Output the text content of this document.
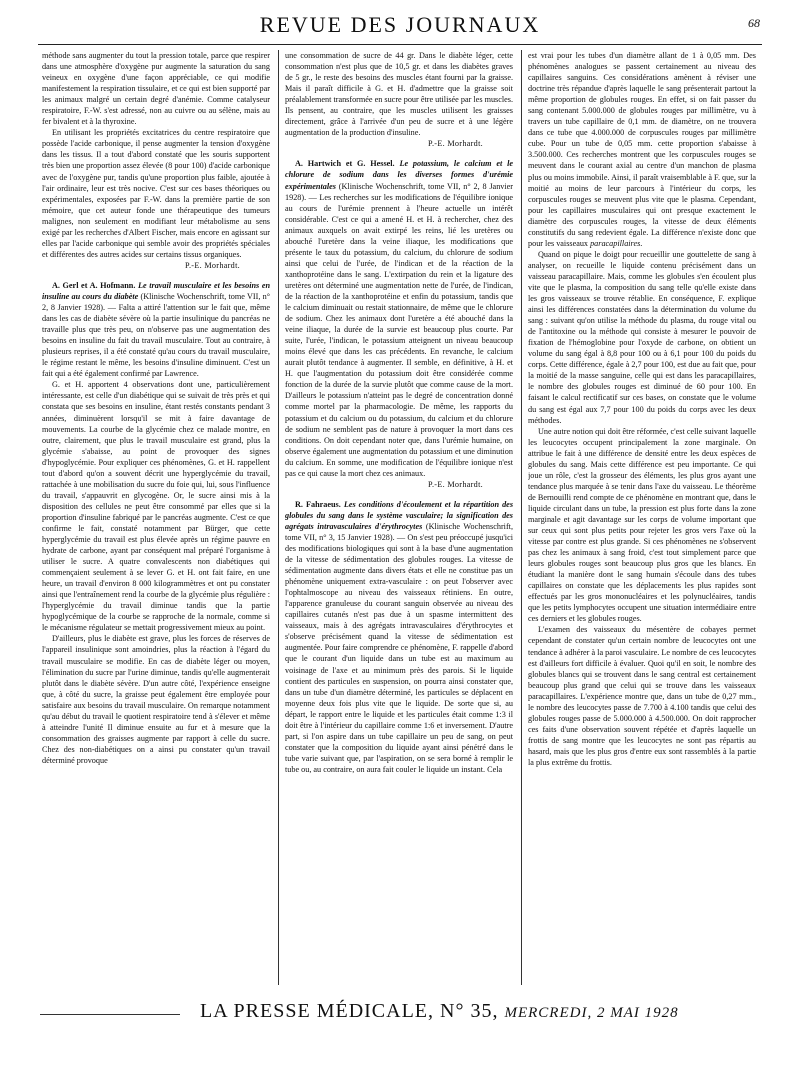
REVUE DES JOURNAUX	68

méthode sans augmenter du tout la pression totale, parce que respirer dans une atmosphère d'oxygène pur augmente la saturation du sang veineux en oxygène d'une façon appréciable, ce qui modifie manifestement la respiration tissulaire, et ce qui est bien supporté par les animaux malgré un certain degré d'anémie. Comme catalyseur respiratoire, F.-W. s'est adressé, non au cuivre ou au sélène, mais au fer bivalent et à la thyroxine.

En utilisant les propriétés excitatrices du centre respiratoire que possède l'acide carbonique, il pense augmenter la tension d'oxygène dans les tissus. Il a tout d'abord constaté que les souris supportent très bien une proportion assez élevée (8 pour 100) d'acide carbonique avec de l'oxygène pur, tandis qu'une proportion plus faible, ajoutée à l'air ordinaire, leur est très nocive. C'est sur ces bases théoriques ou expérimentales, exposées par F.-W. dans la première partie de son mémoire, que cet auteur fonde une thérapeutique des tumeurs malignes, non seulement en modifiant leur métabolisme au sens exigé par les recherches d'Albert Fischer, mais encore en agissant sur elles par l'acide carbonique qui semble avoir des propriétés spéciales et différentes des autres acides sur certains tissus organiques.

P.-E. Morhardt.

A. Gerl et A. Hofmann. Le travail musculaire et les besoins en insuline au cours du diabète (Klinische Wochenschrift, tome VII, n° 2, 8 Janvier 1928). — Falta a attiré l'attention sur le fait que, même dans les cas de diabète sévère où la partie insulinique du pancréas ne travaille plus que très peu, on n'observe pas une augmentation des besoins en insuline du fait du travail musculaire. Tout au contraire, à plusieurs reprises, il a été constaté qu'au cours du travail musculaire, le régime restant le même, les besoins d'insuline diminuent. C'est un fait qui a été également confirmé par Lawrence.

G. et H. apportent 4 observations dont une, particulièrement intéressante, est celle d'un diabétique qui se suivait de très près et qui constata que ses besoins en insuline, étant restés constants pendant 3 années, diminuèrent lorsqu'il se mit à faire davantage de mouvements. La courbe de la glycémie chez ce malade montre, en outre, clairement, que plus le travail musculaire est grand, plus la glycémie s'abaisse, au point de provoquer des signes d'hypoglycémie. Pour expliquer ces phénomènes, G. et H. rappellent tout d'abord qu'on a souvent décrit une hyperglycémie du travail, rattachée à une mobilisation du sucre du foie qui, lui, sous l'influence du travail, s'appauvrit en glycogène. Or, le sucre ainsi mis à la disposition des cellules ne peut être consommé par elles que si la proportion d'insuline fabriqué par le pancréas augmente. C'est ce que confirme le fait, constaté notamment par Bürger, que cette hyperglycémie du travail est plus élevée après un régime pauvre en hydrate de carbone, ayant par conséquent mal préparé l'organisme à utiliser le sucre. A quatre convalescents non diabétiques qui commençaient seulement à se lever G. et H. ont fait faire, en une heure, un travail d'environ 8 000 kilogrammètres et ont pu constater ainsi que l'entraînement rend la courbe de la glycémie plus régulière : l'hyperglycémie du travail diminue tandis que la partie hypoglycémique de la courbe se rapproche de la normale, comme si le mécanisme régulateur se mettait progressivement mieux au point.

D'ailleurs, plus le diabète est grave, plus les forces de réserves de l'appareil insulinique sont amoindries, plus la réaction à l'égard du travail musculaire se modifie. En cas de diabète léger ou moyen, l'élimination du sucre par l'urine diminue, tandis qu'elle augmenterait plutôt dans le diabète sévère. D'un autre côté, l'expérience enseigne que, à côté du sucre, la graisse peut également être employée pour satisfaire aux besoins du travail musculaire. On remarque notamment qu'au début du travail le quotient respiratoire tend à s'élever et même à atteindre l'unité Il diminue ensuite au fur et à mesure que la consommation des graisses augmente par rapport à celle du sucre. Chez des non-diabétiques on a ainsi pu constater qu'un travail déterminé provoque

une consommation de sucre de 44 gr. Dans le diabète léger, cette consommation n'est plus que de 10,5 gr. et dans les diabètes graves de 5 gr., le reste des besoins des muscles étant fourni par la graisse. Mais il paraît difficile à G. et H. d'admettre que la graisse soit préalablement transformée en sucre pour être utilisée par les muscles. Ils pensent, au contraire, que les muscles utilisent les graisses directement, grâce à l'arrivée d'un peu de sucre et à une légère augmentation de la production d'insuline.

P.-E. Morhardt.

A. Hartwich et G. Hessel. Le potassium, le calcium et le chlorure de sodium dans les diverses formes d'urémie expérimentales (Klinische Wochenschrift, tome VII, n° 2, 8 Janvier 1928). — Les recherches sur les modifications de l'équilibre ionique au cours de l'urémie prennent à l'heure actuelle un intérêt considérable. C'est ce qui a amené H. et H. à rechercher, chez des animaux auxquels on avait extirpé les reins, lié les uretères ou abouché l'uretère dans la veine iliaque, les modifications que présente le taux du potassium, du calcium, du chlorure de sodium ainsi que celui de l'urée, de l'indican et de la réaction de la xanthoprotéine dans le sang. L'extirpation du rein et la ligature des uretères ont déterminé une augmentation nette de l'urée, de l'indican, de la réaction de la xanthoprotéine et enfin du potassium, tandis que le calcium diminuait ou restait stationnaire, de même que le chlorure de sodium. Chez les animaux dont l'uretère a été abouché dans la veine iliaque, la durée de la survie est beaucoup plus courte. Par suite, l'urée, l'indican, le potassium atteignent un niveau beaucoup moins élevé que dans les cas précédents. En revanche, le calcium aurait plutôt tendance à augmenter. Il semble, en définitive, à H. et H. que l'augmentation du potassium doit être considérée comme fonction de la durée de la survie plutôt que comme cause de la mort. D'ailleurs le potassium n'atteint pas le degré de concentration donné comme mortel par la pharmacologie. De même, les rapports du potassium et du calcium ou du potassium, du calcium et du chlorure de sodium ne semblent pas de nature à provoquer la mort dans ces conditions. On doit cependant noter que, dans l'urémie humaine, on observe également une augmentation du potassium et une diminution du calcium. En somme, une modification de l'équilibre ionique n'est pas ce qui cause la mort chez ces animaux.

P.-E. Morhardt.

R. Fahraeus. Les conditions d'écoulement et la répartition des globules du sang dans le système vasculaire; la signification des agrégats intravasculaires d'érythrocytes (Klinische Wochenschrift, tome VII, n° 3, 15 Janvier 1928). — On s'est peu préoccupé jusqu'ici des modifications biologiques qui sont à la base d'une augmentation de la vitesse de sédimentation des globules rouges. La vitesse de sédimentation augmente dans divers états et elle ne constitue pas un phénomène uniquement extra-vasculaire : on peut l'observer avec l'ophtalmoscope au niveau des vaisseaux rétiniens. En outre, l'apparence granuleuse du courant sanguin observée au niveau des capillaires cutanés n'est pas due à un spasme intermittent des vaisseaux, mais à des agrégats intravasculaires d'érythrocytes et s'observe précisément quand la vitesse de sédimentation est augmentée. Pour faire comprendre ce phénomène, F. rappelle d'abord que le courant d'un liquide dans un tube est au maximum au voisinage de l'axe et au minimum près des parois. Si le liquide contient des particules en suspension, on pourra ainsi constater que, dans un tube d'un diamètre déterminé, les particules se déplacent en moyenne deux fois plus vite que le liquide. De sorte que si, au départ, le rapport entre le liquide et les particules était comme 1:3 il doit être à l'intérieur du capillaire comme 1:6 et inversement. D'autre part, si l'on aspire dans un tube capillaire un peu de sang, on peut constater que la composition du liquide ayant ainsi pénétré dans le tube varie suivant que, par l'aspiration, on se sera borné à remplir le tube ou, au contraire, on aura fait couler le liquide un instant. Cela

est vrai pour les tubes d'un diamètre allant de 1 à 0,05 mm. Des phénomènes analogues se passent certainement au niveau des capillaires sanguins. Ces considérations amènent à réviser une doctrine très répandue d'après laquelle le sang présenterait partout la même proportion de globules rouges. En effet, si on fait passer du sang contenant 5.000.000 de globules rouges par millimètre, vu à travers un tube capillaire de 0,1 mm. de diamètre, on ne trouvera dans ce tube que 4.000.000 de corpuscules rouges par millimètre cube. Pour un tube de 0,05 mm. cette proportion s'abaisse à 3.500.000. Ces recherches montrent que les corpuscules rouges se meuvent dans le courant axial au centre d'un manchon de plasma plus ou moins immobile. Ainsi, il paraît vraisemblable à F. que, sur la moitié au moins de leur parcours à l'intérieur du corps, les corpuscules rouges se meuvent plus vite que le plasma. Cependant, pour les capillaires musculaires qui ont presque exactement le diamètre des corpuscules rouges, la vitesse de deux éléments constitutifs du sang redevient égale. La différence n'existe donc que pour les vaisseaux paracapillaires.

Quand on pique le doigt pour recueillir une gouttelette de sang à analyser, on recueille le liquide contenu précisément dans un vaisseau paracapillaire. Mais, comme les globules s'en écoulent plus vite que le plasma, la composition du sang telle qu'elle existe dans les gros vaisseaux se trouve rétablie. En conséquence, F. explique ainsi les différences constatées dans la détermination du volume du sang : suivant qu'on utilise la méthode du plasma, du rouge vital ou de l'antitoxine ou la méthode qui consiste à mesurer le pouvoir de fixation de l'hémoglobine pour l'oxyde de carbone, on obtient un volume du sang égal à 8,8 pour 100 ou à 6,1 pour 100 du poids du corps. Cette différence, égale à 2,7 pour 100, est due au fait que, pour la moitié de la masse sanguine, celle qui est dans les paracapillaires, le nombre des globules rouges est diminué de 60 pour 100. En faisant le calcul rectificatif sur ces bases, on constate que le volume du sang est égal aux 7,7 pour 100 du poids du corps avec les deux méthodes.

Une autre notion qui doit être réformée, c'est celle suivant laquelle les leucocytes occupent principalement la zone marginale. On attribue le fait à une différence de densité entre les deux espèces de globules du sang. Mais cette différence est peu importante. Ce qui joue un rôle, c'est la grosseur des éléments, les plus gros ayant une tendance plus marquée à se tenir dans l'axe du vaisseau. Le théorème de Bernouilli rend compte de ce phénomène en montrant que, dans le liquide circulant dans un tube, la pression est plus forte dans la zone marginale et agit davantage sur les corps de volume important que sur ceux qui sont plus petits pour rejeter les gros vers l'axe où la vitesse par contre est plus grande. Si ces phénomènes ne s'observent pas chez les animaux à sang froid, c'est tout simplement parce que leurs globules rouges sont beaucoup plus gros que les blancs. En étudiant la manière dont le sang humain s'écoule dans des tubes capillaires on constate que les déplacements les plus rapides sont effectués par les gros mononucléaires et les polynucléaires, tandis que les petits lymphocytes occupent une situation intermédiaire entre ces derniers et les globules rouges.

L'examen des vaisseaux du mésentère de cobayes permet cependant de constater qu'un certain nombre de leucocytes ont une tendance à adhérer à la paroi vasculaire. Le nombre de ces leucocytes est d'ailleurs fort difficile à évaluer. Quoi qu'il en soit, le nombre des globules blancs qui se trouvent dans le sang central est certainement beaucoup plus grand que celui qui se trouve dans les vaisseaux paracapillaires. L'expérience montre que, dans un tube de 0,27 mm., le nombre des leucocytes passe de 7.700 à 4.100 tandis que celui des globules rouges passe de 5.000.000 à 4.500.000. On doit rapprocher ces faits d'une observation souvent répétée et d'après laquelle un frottis de sang montre que les leucocytes ne sont pas répartis au hasard, mais que les plus gros d'entre eux sont rassemblés à la partie la plus extrême du frottis.

LA PRESSE MÉDICALE, N° 35, MERCREDI, 2 MAI 1928
